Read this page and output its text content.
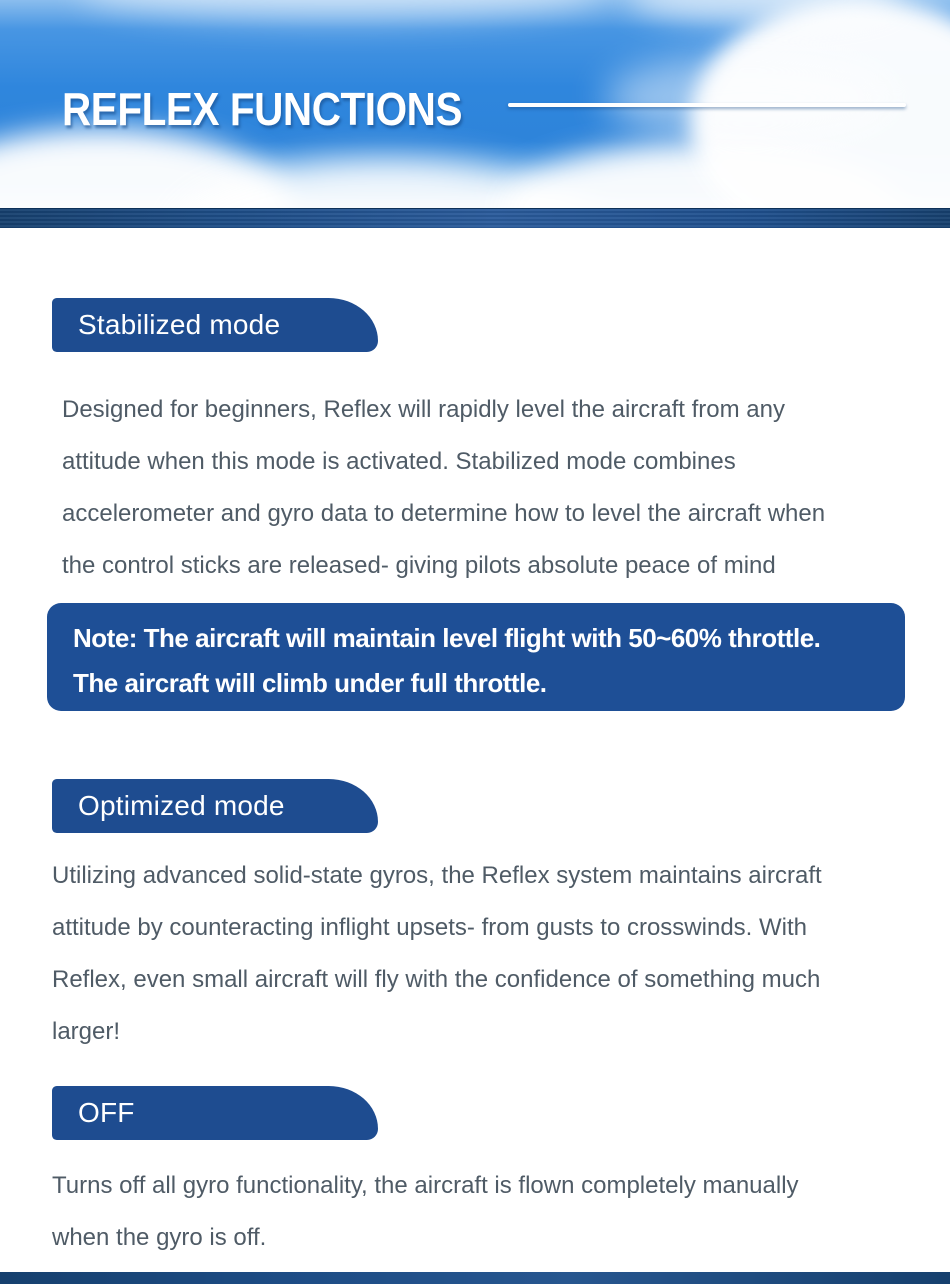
REFLEX FUNCTIONS
Stabilized mode
Designed for beginners, Reflex will rapidly level the aircraft from any
attitude when this mode is activated. Stabilized mode combines
accelerometer and gyro data to determine how to level the aircraft when
the control sticks are released- giving pilots absolute peace of mind
Note: The aircraft will maintain level flight with 50~60% throttle.
The aircraft will climb under full throttle.
Optimized mode
Utilizing advanced solid-state gyros, the Reflex system maintains aircraft
attitude by counteracting inflight upsets- from gusts to crosswinds. With
Reflex, even small aircraft will fly with the confidence of something much
larger!
OFF
Turns off all gyro functionality, the aircraft is flown completely manually
when the gyro is off.
